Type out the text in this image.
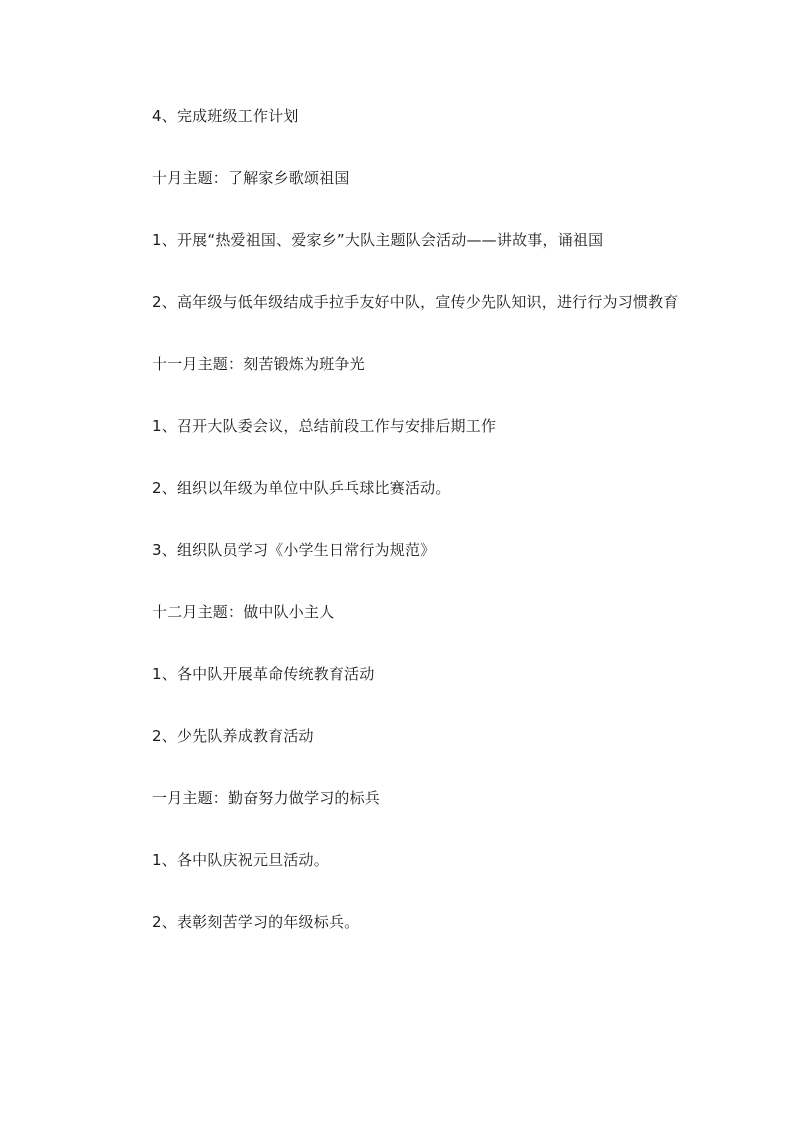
4、完成班级工作计划

十月主题：了解家乡歌颂祖国

1、开展“热爱祖国、爱家乡”大队主题队会活动——讲故事，诵祖国

2、高年级与低年级结成手拉手友好中队，宣传少先队知识，进行行为习惯教育

十一月主题：刻苦锻炼为班争光

1、召开大队委会议，总结前段工作与安排后期工作

2、组织以年级为单位中队乒乓球比赛活动。

3、组织队员学习《小学生日常行为规范》

十二月主题：做中队小主人

1、各中队开展革命传统教育活动

2、少先队养成教育活动

一月主题：勤奋努力做学习的标兵

1、各中队庆祝元旦活动。

2、表彰刻苦学习的年级标兵。
